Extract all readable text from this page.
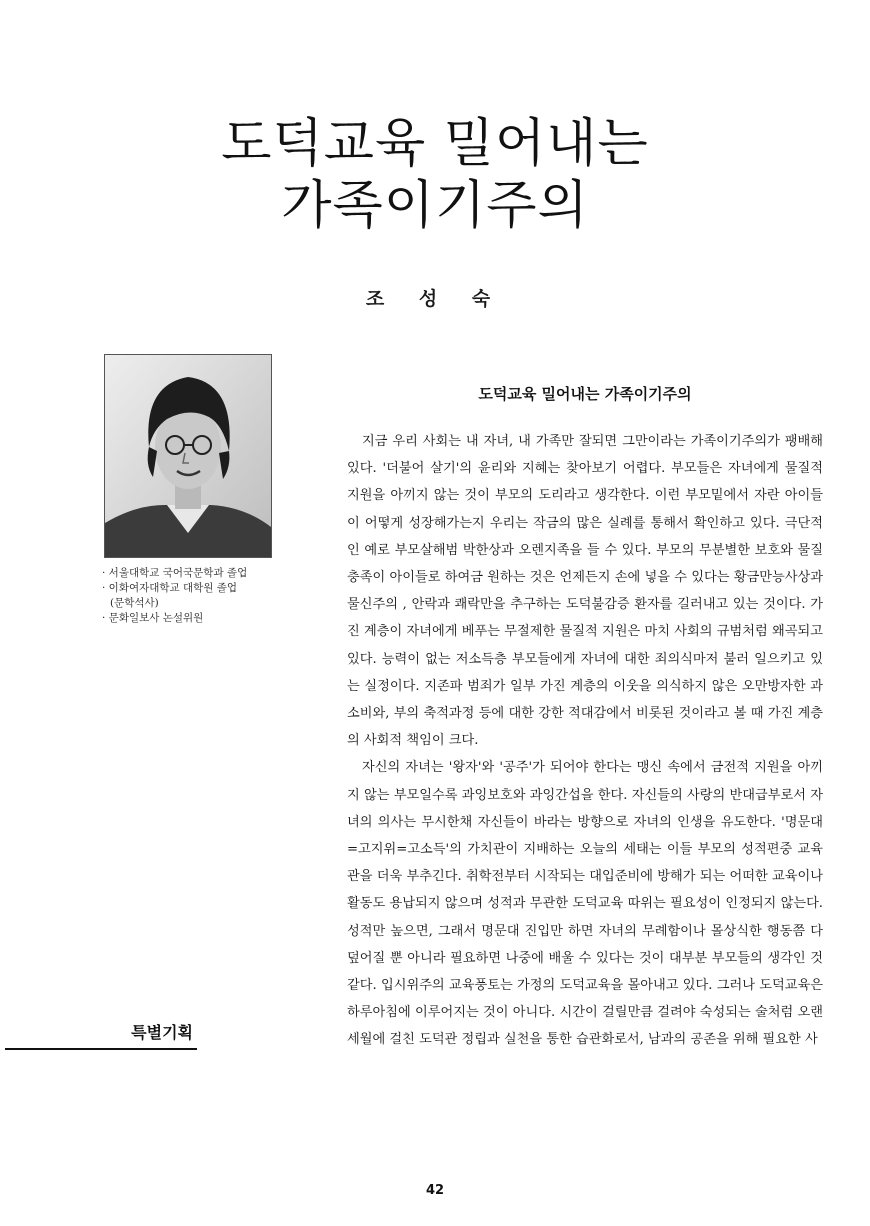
도덕교육 밀어내는
가족이기주의
조 성 숙
· 서울대학교 국어국문학과 졸업
· 이화여자대학교 대학원 졸업
(문학석사)
· 문화일보사 논설위원
특별기획
도덕교육 밀어내는 가족이기주의

지금 우리 사회는 내 자녀, 내 가족만 잘되면 그만이라는 가족이기주의가 팽배해 있다. '더불어 살기'의 윤리와 지혜는 찾아보기 어렵다. 부모들은 자녀에게 물질적 지원을 아끼지 않는 것이 부모의 도리라고 생각한다. 이런 부모밑에서 자란 아이들이 어떻게 성장해가는지 우리는 작금의 많은 실례를 통해서 확인하고 있다. 극단적인 예로 부모살해범 박한상과 오렌지족을 들 수 있다. 부모의 무분별한 보호와 물질충족이 아이들로 하여금 원하는 것은 언제든지 손에 넣을 수 있다는 황금만능사상과 물신주의 , 안락과 쾌락만을 추구하는 도덕불감증 환자를 길러내고 있는 것이다. 가진 계층이 자녀에게 베푸는 무절제한 물질적 지원은 마치 사회의 규범처럼 왜곡되고 있다. 능력이 없는 저소득층 부모들에게 자녀에 대한 죄의식마저 불러 일으키고 있는 실정이다. 지존파 범죄가 일부 가진 계층의 이웃을 의식하지 않은 오만방자한 과소비와, 부의 축적과정 등에 대한 강한 적대감에서 비롯된 것이라고 볼 때 가진 계층의 사회적 책임이 크다.

자신의 자녀는 '왕자'와 '공주'가 되어야 한다는 맹신 속에서 금전적 지원을 아끼지 않는 부모일수록 과잉보호와 과잉간섭을 한다. 자신들의 사랑의 반대급부로서 자녀의 의사는 무시한채 자신들이 바라는 방향으로 자녀의 인생을 유도한다. '명문대=고지위=고소득'의 가치관이 지배하는 오늘의 세태는 이들 부모의 성적편중 교육관을 더욱 부추긴다. 취학전부터 시작되는 대입준비에 방해가 되는 어떠한 교육이나 활동도 용납되지 않으며 성적과 무관한 도덕교육 따위는 필요성이 인정되지 않는다. 성적만 높으면, 그래서 명문대 진입만 하면 자녀의 무례함이나 몰상식한 행동쯤 다 덮어질 뿐 아니라 필요하면 나중에 배울 수 있다는 것이 대부분 부모들의 생각인 것 같다. 입시위주의 교육풍토는 가정의 도덕교육을 몰아내고 있다. 그러나 도덕교육은 하루아침에 이루어지는 것이 아니다. 시간이 걸릴만큼 걸려야 숙성되는 술처럼 오랜 세월에 걸친 도덕관 정립과 실천을 통한 습관화로서, 남과의 공존을 위해 필요한 사

42
